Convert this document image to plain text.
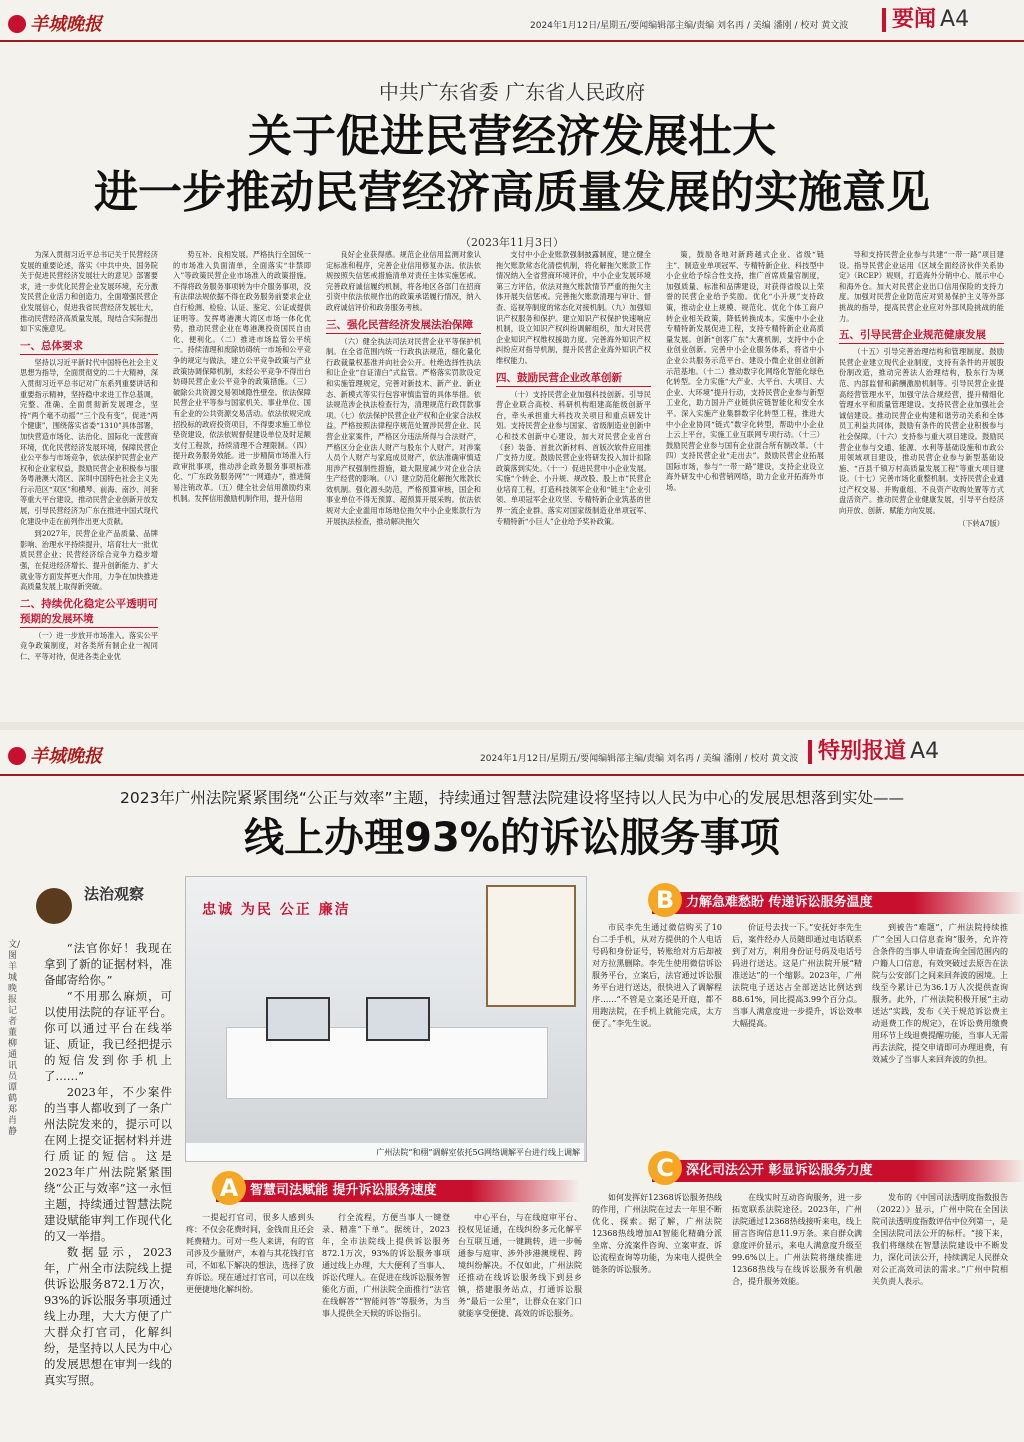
羊城晚报	2024年1月12日/星期五/要闻编辑部主编/责编 刘名再 / 美编 潘刚 / 校对 黄文波	要闻 A4
中共广东省委 广东省人民政府
关于促进民营经济发展壮大
进一步推动民营经济高质量发展的实施意见
（2023年11月3日）

为深入贯彻习近平总书记关于民营经济发展的重要论述，落实《中共中央、国务院关于促进民营经济发展壮大的意见》部署要求，进一步优化民营企业发展环境，充分激发民营企业活力和创造力，全面增强民营企业发展信心，促进我省民营经济发展壮大，推动民营经济高质量发展，现结合实际提出如下实施意见。

一、总体要求

坚持以习近平新时代中国特色社会主义思想为指导，全面贯彻党的二十大精神，深入贯彻习近平总书记对广东系列重要讲话和重要指示精神，坚持稳中求进工作总基调，完整、准确、全面贯彻新发展理念，坚持“两个毫不动摇”“三个没有变”，促进“两个健康”，围绕落实省委“1310”具体部署，加快营造市场化、法治化、国际化一流营商环境，优化民营经济发展环境，保障民营企业公平参与市场竞争，依法保护民营企业产权和企业家权益，鼓励民营企业积极参与服务粤港澳大湾区、深圳中国特色社会主义先行示范区“双区”和横琴、前海、南沙、河套等重大平台建设，推动民营企业创新开放发展，引导民营经济为广东在推进中国式现代化建设中走在前列作出更大贡献。

到2027年，民营企业产品质量、品牌影响、治理水平持续提升，培育壮大一批优质民营企业；民营经济综合竞争力稳步增强，在促进经济增长、提升创新能力、扩大就业等方面发挥更大作用，力争在加快推进高质量发展上取得新突破。

二、持续优化稳定公平透明可预期的发展环境

（一）进一步放开市场准入。落实公平竞争政策制度，对各类所有制企业一视同仁、平等对待，促进各类企业优

势互补、良相发展。严格执行全国统一的市场准入负面清单，全面落实“非禁即入”等政策民营企业市场准入的政策措施。不得将政务服务事项转为中介服务事项，没有法律法规依据不得在政务服务前要求企业自行检测、检验、认证、鉴定、公证或提供证明等。发挥粤港澳大湾区市场一体化优势，推动民营企业在粤港澳投资国民自由化、便利化。（二）推进市场监管公平统一。持续清理和废除妨碍统一市场和公平竞争的规定与做法，建立公平竞争政策与产业政策协调保障机制，未经公平竞争不得出台妨碍民营企业公平竞争的政策措施。（三）破除公共资源交易领域隐性壁垒。依法保障民营企业平等参与国家机关、事业单位、国有企业的公共资源交易活动。依法依规完成招投标的政府投资项目，不得要求施工单位垫资建设，依法依规督促建设单位及时足额支付工程款，持续清理不合理限制。（四）提升政务服务效能。进一步精简市场准入行政审批事项，推动涉企政务服务事项标准化、“广东政务服务网”“一网通办”，推进简易注销改革。（五）健全社会信用激励约束机制。发挥信用激励机制作用，提升信用

良好企业获得感。规范企业信用监测对象认定标准和程序，完善企业信用修复办法。依法依规按照失信惩戒措施清单对责任主体实施惩戒。完善政府诚信履约机制，将各地区各部门在招商引资中依法依规作出的政策承诺履行情况，纳入政府诚信评价和政务服务考核。

三、强化民营经济发展法治保障

（六）健全执法司法对民营企业平等保护机制。在全省范围内统一行政执法规范，细化量化行政裁量权基准并向社会公开。杜绝选择性执法和让企业“自证清白”式监管。严格落实罚款设定和实施管理规定，完善对新技术、新产业、新业态、新模式等实行包容审慎监管的具体举措。依法规范涉企执法检查行为，清理规范行政罚款事项。（七）依法保护民营企业产权和企业家合法权益。严格按照法律程序规范处置涉民营企业、民营企业家案件，严格区分违法所得与合法财产，严格区分企业法人财产与股东个人财产。对涉案人员个人财产与家庭成员财产，依法准确审慎适用涉产权强制性措施，最大限度减少对企业合法生产经营的影响。（八）建立防范化解拖欠账款长效机制。强化源头防范，严格预算审核，国企和事业单位不得无预算、超预算开展采购。依法依规对大企业滥用市场地位拖欠中小企业账款行为开展执法检查，推动解决拖欠

支付中小企业账款强制披露制度，建立健全拖欠账款常态化清偿机制，将化解拖欠账款工作情况纳入全省营商环境评价，中小企业发展环境第三方评估，依法对拖欠账款情节严重的拖欠主体开展失信惩戒。完善拖欠账款清理与审计、督查、巡视等制度的常态化对接机制。（九）加强知识产权服务和保护。建立知识产权保护快速响应机制，设立知识产权纠纷调解组织，加大对民营企业知识产权维权援助力度。完善海外知识产权纠纷应对指导机制，提升民营企业海外知识产权维权能力。

四、鼓励民营企业改革创新

（十）支持民营企业加强科技创新。引导民营企业联合高校、科研机构组建高能级创新平台，牵头承担重大科技攻关项目和重点研发计划。支持民营企业参与国家、省级制造业创新中心和技术创新中心建设，加大对民营企业首台（套）装备、首批次新材料、首版次软件应用推广支持力度。鼓励民营企业将研发投入加计扣除政策落到实处。（十一）促进民营中小企业发展。实施“个转企、小升规、规改股、股上市”民营企业培育工程，打造科技领军企业和“链主”企业引领、单项冠军企业攻坚、专精特新企业筑基的世界一流企业群。落实对国家级制造业单项冠军、专精特新“小巨人”企业给予奖补政策。

策，鼓励各地对新跨越式企业、省级“链主”、制造业单项冠军、专精特新企业、科技型中小企业给予综合性支持，推广首席质量官制度，加强质量、标准和品牌建设，对获得省级以上荣誉的民营企业给予奖励。优化“小升规”支持政策，推动企业上规模、规范化、优化个体工商户转企业相关政策，降低转换成本。实施中小企业专精特新发展促进工程，支持专精特新企业高质量发展。创新“创客广东”大赛机制，支持中小企业创业创新。完善中小企业服务体系，将省中小企业公共服务示范平台、建设小微企业创业创新示范基地。（十二）推动数字化网络化智能化绿色化转型。全力实施“大产业、大平台、大项目、大企业、大环境”提升行动，支持民营企业参与新型工业化，助力国升产业链供应链智能化和安全水平。深入实施产业集群数字化转型工程，推进大中小企业协同“链式”数字化转型，帮助中小企业上云上平台，实施工业互联网专项行动。（十三）鼓励民营企业参与国有企业混合所有制改革。（十四）支持民营企业“走出去”。鼓励民营企业拓展国际市场，参与“一带一路”建设，支持企业设立海外研发中心和营销网络，助力企业开拓海外市场。

导和支持民营企业参与共建“一带一路”项目建设。指导民营企业运用《区域全面经济伙伴关系协定》（RCEP）规则，打造海外分销中心、展示中心和海外仓。加大对民营企业出口信用保险的支持力度。加强对民营企业防范应对贸易保护主义等外部挑战的指导，提高民营企业应对外部风险挑战的能力。

五、引导民营企业规范健康发展

（十五）引导完善治理结构和管理制度。鼓励民营企业建立现代企业制度，支持有条件的开展股份制改造，推动完善法人治理结构，股东行为规范、内部监督和薪酬激励机制等。引导民营企业提高经营管理水平，加强守法合规经营，提升精细化管理水平和质量管理建设。支持民营企业加强社会诚信建设。推动民营企业构建和谐劳动关系和全体员工利益共同体，鼓励有条件的民营企业积极参与社会保障。（十六）支持参与重大项目建设。鼓励民营企业参与交通、能源、水利等基础设施和市政公用领域项目建设，推动民营企业参与新型基础设施、“百县千镇万村高质量发展工程”等重大项目建设。（十七）完善市场化重整机制。支持民营企业通过产权交易、并购重组、不良资产收购处置等方式盘活资产。推动民营企业健康发展，引导平台经济向开放、创新、赋能方向发展。

（下转A7版）
羊城晚报	2024年1月12日/星期五/要闻编辑部主编/责编 刘名再 / 美编 潘刚 / 校对 黄文波 特别报道 A4
2023年广州法院紧紧围绕“公正与效率”主题，持续通过智慧法院建设将坚持以人民为中心的发展思想落到实处——
线上办理93%的诉讼服务事项
法治观察
文/图 羊城晚报记者 董柳 通讯员 谭鹤 郑肖静

“法官你好！我现在拿到了新的证据材料，准备邮寄给你。”

“不用那么麻烦，可以使用法院的存证平台。你可以通过平台在线举证、质证，我已经把提示的短信发到你手机上了……”

2023年，不少案件的当事人都收到了一条广州法院发来的，提示可以在网上提交证据材料并进行质证的短信。这是2023年广州法院紧紧围绕“公正与效率”这一永恒主题，持续通过智慧法院建设赋能审判工作现代化的又一举措。

数据显示，2023年，广州全市法院线上提供诉讼服务872.1万次，93%的诉讼服务事项通过线上办理，大大方便了广大群众打官司，化解纠纷，是坚持以人民为中心的发展思想在审判一线的真实写照。

忠诚 为民 公正 廉洁
广州法院“和栩”调解室依托5G网络调解平台进行线上调解
B 力解急难愁盼 传递诉讼服务温度

市民李先生通过微信购买了10台二手手机，从对方提供的个人电话号码和身份证号，转账给对方后却被对方拉黑删除。李先生使用微信诉讼服务平台，立案后，法官通过诉讼服务平台进行送达，很快进入了调解程序……“不管是立案还是开庭，都不用跑法院，在手机上就能完成，太方便了。”李先生说。

价证号去找一下。”安抚好李先生后，案件经办人员随即通过电话联系到了对方，利用身份证号码及电话号码进行送达。这是广州法院开展“精准送达”的一个缩影。2023年，广州法院电子送达占全部送达比例达到88.61%，同比提高3.99个百分点。当事人满意度进一步提升，诉讼效率大幅提高。

到被告“难题”，广州法院持续推广“全国人口信息查询”服务，允许符合条件的当事人申请查询全国范围内的户籍人口信息，有效突破过去原告在法院与公安部门之间来回奔波的困境。上线至今累计已为36.1万人次提供查询服务。此外，广州法院积极开展“主动送达”实践，发布《关于规范诉讼费主动退费工作的规定》，在诉讼费用缴费用环节上线退费提醒功能，当事人无需再去法院，提交申请即可办理退费，有效减少了当事人来回奔波的负担。

A 智慧司法赋能 提升诉讼服务速度

一提起打官司，很多人感到头疼：不仅会花费时间，金钱而且还会耗费精力。可对一些人来讲，有的官司涉及少量财产，本着与其花钱打官司，不如私下解决的想法，选择了放弃诉讼。现在通过打官司，可以在线更便捷地化解纠纷。

行全流程，方便当事人一键登录、精准“下单”。据统计，2023年，全市法院线上提供诉讼服务872.1万次，93%的诉讼服务事项通过线上办理，大大便利了当事人、诉讼代理人。在促进在线诉讼服务智能化方面，广州法院全面推行“法官在线解答”“智能问答”等服务，为当事人提供全天候的诉讼指引。

中心平台，与在线庭审平台、投权见证通，在线纠纷多元化解平台互联互通，一键跳转，进一步畅通参与庭审、涉外涉港澳规程、跨境纠纷解决。不仅如此，广州法院还推动在线诉讼服务线下到县乡镇，搭建服务站点，打通诉讼服务“最后一公里”，让群众在家门口就能享受便捷、高效的诉讼服务。

C 深化司法公开 彰显诉讼服务力度

如何发挥好12368诉讼服务热线的作用，广州法院在过去一年里不断优化、探索。据了解，广州法院12368热线增加AI智能化精确分派坐席、分流案件咨询、立案审查、诉讼流程查询等功能，为来电人提供全链条的诉讼服务。

在线实时互动咨询服务，进一步拓宽联系法院途径。2023年，广州法院通过12368热线接听来电，线上留言咨询信息11.9万条。来自群众满意度评价显示，来电人满意度升级至99.6%以上。广州法院将继续推进12368热线与在线诉讼服务有机融合，提升服务效能。

发布的《中国司法透明度指数报告（2022）》显示，广州中院在全国法院司法透明度指数评估中位列第一，是全国法院司法公开的标杆。“接下来，我们将继续在智慧法院建设中不断发力，深化司法公开，持续满足人民群众对公正高效司法的需求。”广州中院相关负责人表示。
